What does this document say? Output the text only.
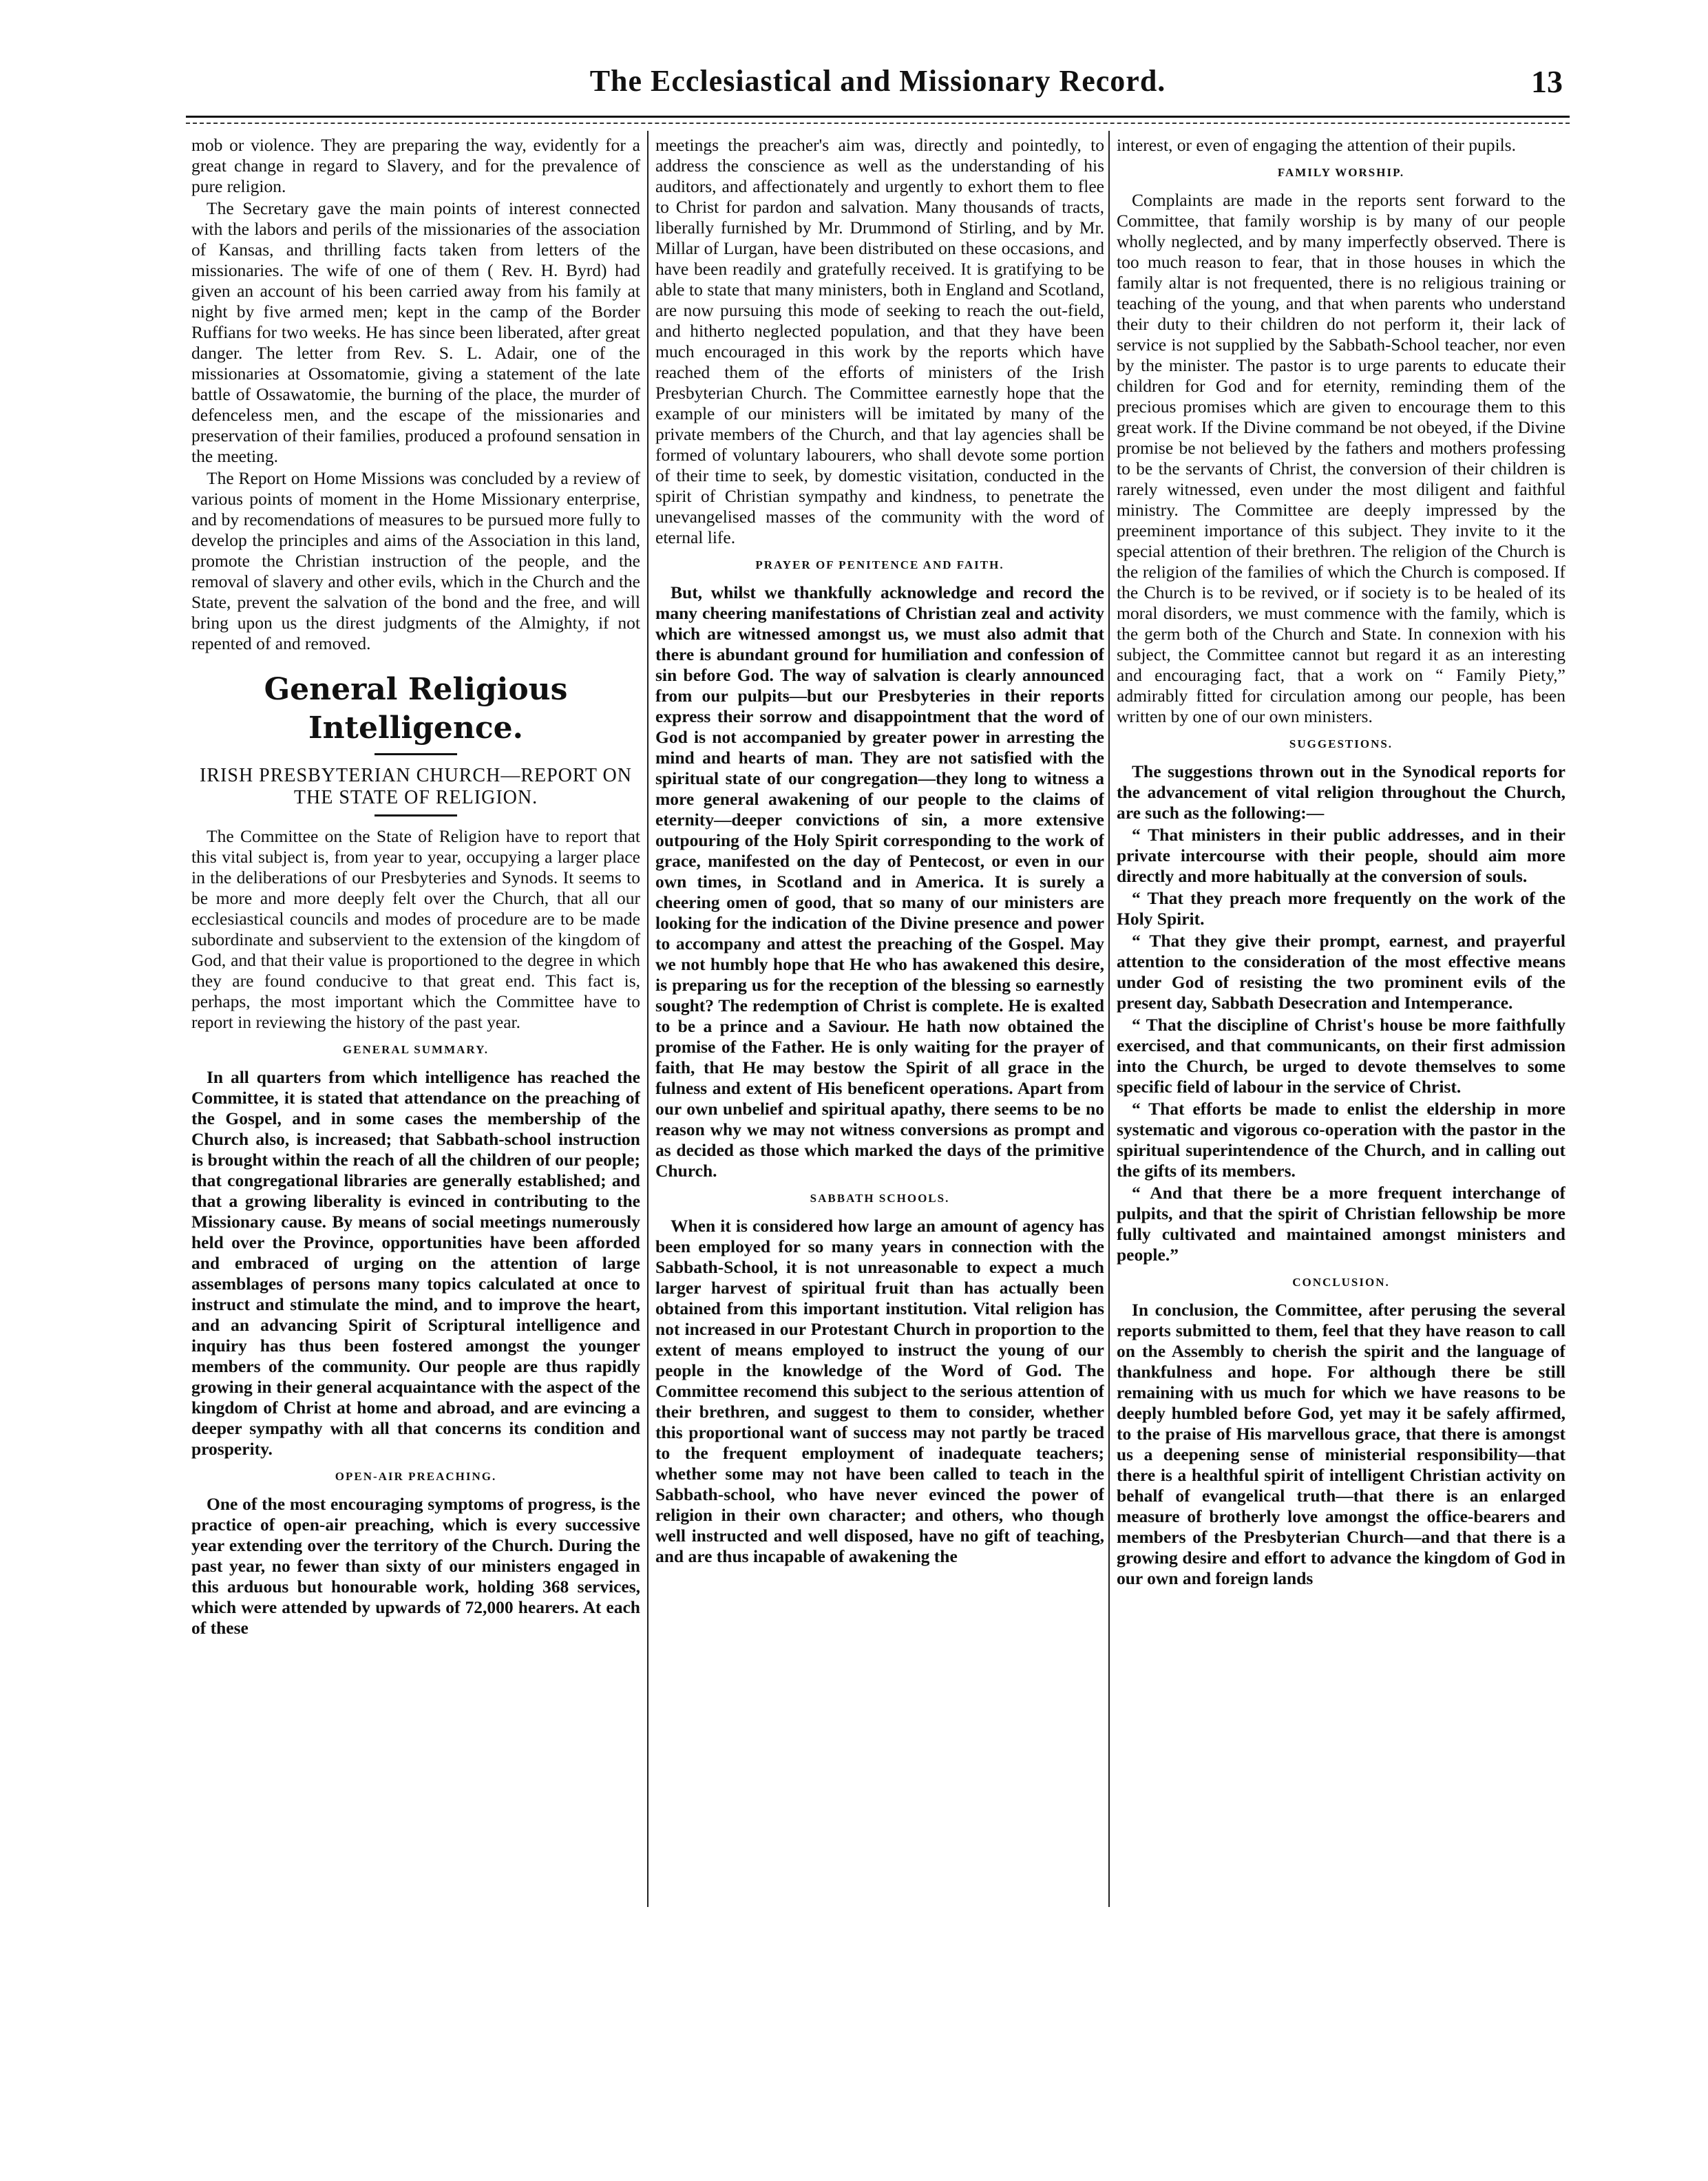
The Ecclesiastical and Missionary Record.	13

mob or violence. They are preparing the way, evidently for a great change in regard to Slavery, and for the prevalence of pure religion.

The Secretary gave the main points of interest connected with the labors and perils of the missionaries of the association of Kansas, and thrilling facts taken from letters of the missionaries. The wife of one of them ( Rev. H. Byrd) had given an account of his been carried away from his family at night by five armed men; kept in the camp of the Border Ruffians for two weeks. He has since been liberated, after great danger. The letter from Rev. S. L. Adair, one of the missionaries at Ossomatomie, giving a statement of the late battle of Ossawatomie, the burning of the place, the murder of defenceless men, and the escape of the missionaries and preservation of their families, produced a profound sensation in the meeting.

The Report on Home Missions was concluded by a review of various points of moment in the Home Missionary enterprise, and by recomendations of measures to be pursued more fully to develop the principles and aims of the Association in this land, promote the Christian instruction of the people, and the removal of slavery and other evils, which in the Church and the State, prevent the salvation of the bond and the free, and will bring upon us the direst judgments of the Almighty, if not repented of and removed.

General Religious Intelligence.
IRISH PRESBYTERIAN CHURCH—REPORT ON THE STATE OF RELIGION.

The Committee on the State of Religion have to report that this vital subject is, from year to year, occupying a larger place in the deliberations of our Presbyteries and Synods. It seems to be more and more deeply felt over the Church, that all our ecclesiastical councils and modes of procedure are to be made subordinate and subservient to the extension of the kingdom of God, and that their value is proportioned to the degree in which they are found conducive to that great end. This fact is, perhaps, the most important which the Committee have to report in reviewing the history of the past year.

GENERAL SUMMARY.

In all quarters from which intelligence has reached the Committee, it is stated that attendance on the preaching of the Gospel, and in some cases the membership of the Church also, is increased; that Sabbath-school instruction is brought within the reach of all the children of our people; that congregational libraries are generally established; and that a growing liberality is evinced in contributing to the Missionary cause. By means of social meetings numerously held over the Province, opportunities have been afforded and embraced of urging on the attention of large assemblages of persons many topics calculated at once to instruct and stimulate the mind, and to improve the heart, and an advancing Spirit of Scriptural intelligence and inquiry has thus been fostered amongst the younger members of the community. Our people are thus rapidly growing in their general acquaintance with the aspect of the kingdom of Christ at home and abroad, and are evincing a deeper sympathy with all that concerns its condition and prosperity.

OPEN-AIR PREACHING.

One of the most encouraging symptoms of progress, is the practice of open-air preaching, which is every successive year extending over the territory of the Church. During the past year, no fewer than sixty of our ministers engaged in this arduous but honourable work, holding 368 services, which were attended by upwards of 72,000 hearers. At each of these

meetings the preacher's aim was, directly and pointedly, to address the conscience as well as the understanding of his auditors, and affectionately and urgently to exhort them to flee to Christ for pardon and salvation. Many thousands of tracts, liberally furnished by Mr. Drummond of Stirling, and by Mr. Millar of Lurgan, have been distributed on these occasions, and have been readily and gratefully received. It is gratifying to be able to state that many ministers, both in England and Scotland, are now pursuing this mode of seeking to reach the out-field, and hitherto neglected population, and that they have been much encouraged in this work by the reports which have reached them of the efforts of ministers of the Irish Presbyterian Church. The Committee earnestly hope that the example of our ministers will be imitated by many of the private members of the Church, and that lay agencies shall be formed of voluntary labourers, who shall devote some portion of their time to seek, by domestic visitation, conducted in the spirit of Christian sympathy and kindness, to penetrate the unevangelised masses of the community with the word of eternal life.

PRAYER OF PENITENCE AND FAITH.

But, whilst we thankfully acknowledge and record the many cheering manifestations of Christian zeal and activity which are witnessed amongst us, we must also admit that there is abundant ground for humiliation and confession of sin before God. The way of salvation is clearly announced from our pulpits—but our Presbyteries in their reports express their sorrow and disappointment that the word of God is not accompanied by greater power in arresting the mind and hearts of man. They are not satisfied with the spiritual state of our congregation—they long to witness a more general awakening of our people to the claims of eternity—deeper convictions of sin, a more extensive outpouring of the Holy Spirit corresponding to the work of grace, manifested on the day of Pentecost, or even in our own times, in Scotland and in America. It is surely a cheering omen of good, that so many of our ministers are looking for the indication of the Divine presence and power to accompany and attest the preaching of the Gospel. May we not humbly hope that He who has awakened this desire, is preparing us for the reception of the blessing so earnestly sought? The redemption of Christ is complete. He is exalted to be a prince and a Saviour. He hath now obtained the promise of the Father. He is only waiting for the prayer of faith, that He may bestow the Spirit of all grace in the fulness and extent of His beneficent operations. Apart from our own unbelief and spiritual apathy, there seems to be no reason why we may not witness conversions as prompt and as decided as those which marked the days of the primitive Church.

SABBATH SCHOOLS.

When it is considered how large an amount of agency has been employed for so many years in connection with the Sabbath-School, it is not unreasonable to expect a much larger harvest of spiritual fruit than has actually been obtained from this important institution. Vital religion has not increased in our Protestant Church in proportion to the extent of means employed to instruct the young of our people in the knowledge of the Word of God. The Committee recomend this subject to the serious attention of their brethren, and suggest to them to consider, whether this proportional want of success may not partly be traced to the frequent employment of inadequate teachers; whether some may not have been called to teach in the Sabbath-school, who have never evinced the power of religion in their own character; and others, who though well instructed and well disposed, have no gift of teaching, and are thus incapable of awakening the

interest, or even of engaging the attention of their pupils.

FAMILY WORSHIP.

Complaints are made in the reports sent forward to the Committee, that family worship is by many of our people wholly neglected, and by many imperfectly observed. There is too much reason to fear, that in those houses in which the family altar is not frequented, there is no religious training or teaching of the young, and that when parents who understand their duty to their children do not perform it, their lack of service is not supplied by the Sabbath-School teacher, nor even by the minister. The pastor is to urge parents to educate their children for God and for eternity, reminding them of the precious promises which are given to encourage them to this great work. If the Divine command be not obeyed, if the Divine promise be not believed by the fathers and mothers professing to be the servants of Christ, the conversion of their children is rarely witnessed, even under the most diligent and faithful ministry. The Committee are deeply impressed by the preeminent importance of this subject. They invite to it the special attention of their brethren. The religion of the Church is the religion of the families of which the Church is composed. If the Church is to be revived, or if society is to be healed of its moral disorders, we must commence with the family, which is the germ both of the Church and State. In connexion with his subject, the Committee cannot but regard it as an interesting and encouraging fact, that a work on “ Family Piety,” admirably fitted for circulation among our people, has been written by one of our own ministers.

SUGGESTIONS.

The suggestions thrown out in the Synodical reports for the advancement of vital religion throughout the Church, are such as the following:—

“ That ministers in their public addresses, and in their private intercourse with their people, should aim more directly and more habitually at the conversion of souls.

“ That they preach more frequently on the work of the Holy Spirit.

“ That they give their prompt, earnest, and prayerful attention to the consideration of the most effective means under God of resisting the two prominent evils of the present day, Sabbath Desecration and Intemperance.

“ That the discipline of Christ's house be more faithfully exercised, and that communicants, on their first admission into the Church, be urged to devote themselves to some specific field of labour in the service of Christ.

“ That efforts be made to enlist the eldership in more systematic and vigorous co-operation with the pastor in the spiritual superintendence of the Church, and in calling out the gifts of its members.

“ And that there be a more frequent interchange of pulpits, and that the spirit of Christian fellowship be more fully cultivated and maintained amongst ministers and people.”

CONCLUSION.

In conclusion, the Committee, after perusing the several reports submitted to them, feel that they have reason to call on the Assembly to cherish the spirit and the language of thankfulness and hope. For although there be still remaining with us much for which we have reasons to be deeply humbled before God, yet may it be safely affirmed, to the praise of His marvellous grace, that there is amongst us a deepening sense of ministerial responsibility—that there is a healthful spirit of intelligent Christian activity on behalf of evangelical truth—that there is an enlarged measure of brotherly love amongst the office-bearers and members of the Presbyterian Church—and that there is a growing desire and effort to advance the kingdom of God in our own and foreign lands
